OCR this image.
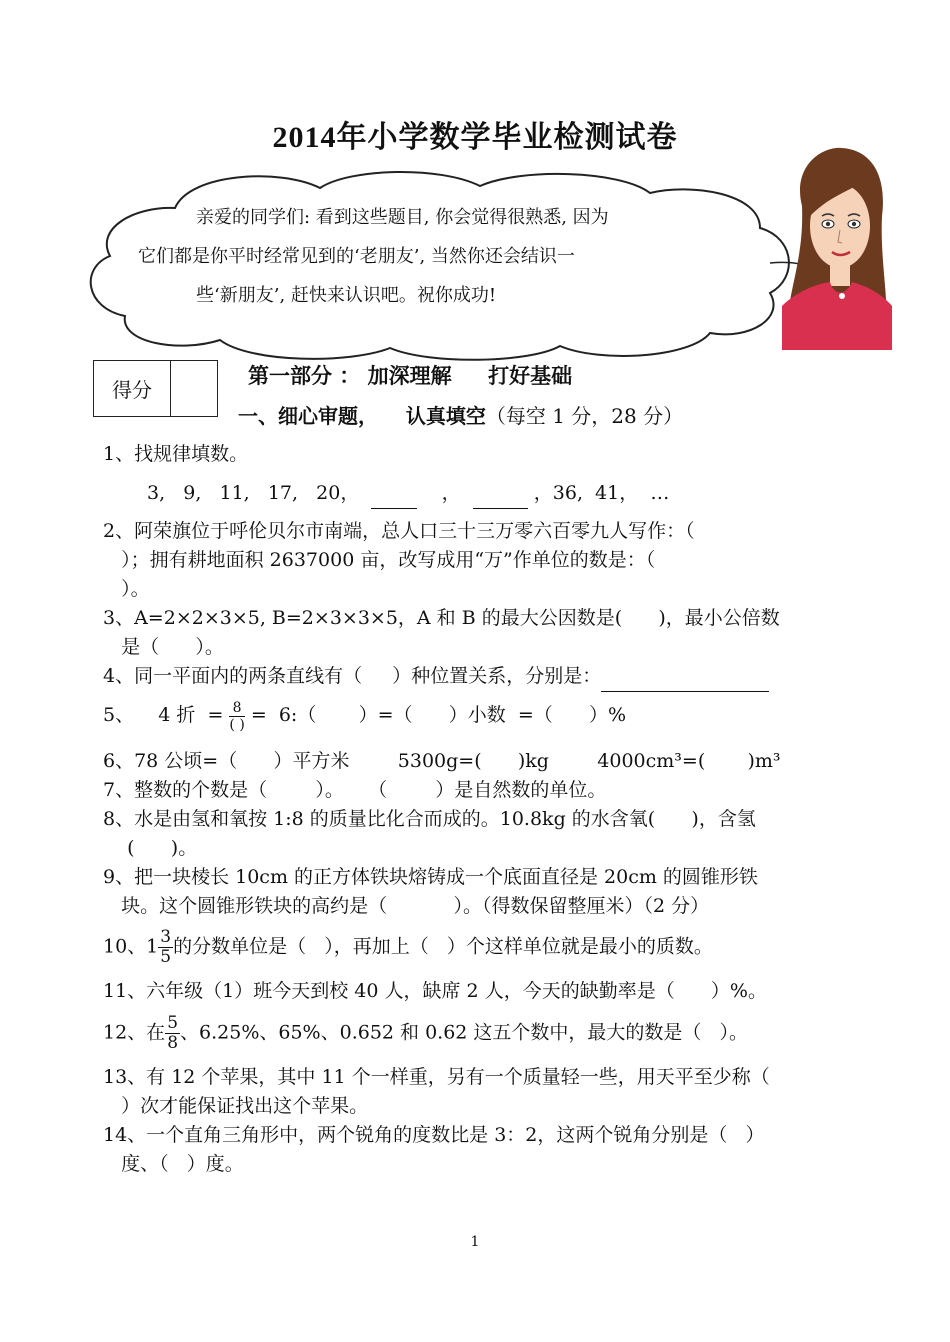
2014年小学数学毕业检测试卷
亲爱的同学们: 看到这些题目, 你会觉得很熟悉, 因为
它们都是你平时经常见到的‘老朋友’, 当然你还会结识一
些‘新朋友’, 赶快来认识吧。祝你成功!
得分
第一部分 ： 加深理解     打好基础
一、细心审题，    认真填空（每空 1 分，28 分）
1、找规律填数。
3,   9,   11,   17,   20，	，	，36,  41，  …
2、阿荣旗位于呼伦贝尔市南端，总人口三十三万零六百零九人写作：（
）；拥有耕地面积 2637000 亩，改写成用“万”作单位的数是：（
）。
3、A=2×2×3×5, B=2×3×3×5，A 和 B 的最大公因数是(      )，最小公倍数
是（      ）。
4、同一平面内的两条直线有（     ）种位置关系，分别是：
5、    4 折  = $\frac{8}{( )}$ =  6:（       ）=（      ）小数  =（      ）%
6、78 公顷=（      ）平方米        5300g=(      )kg        4000cm³=(       )m³
7、整数的个数是（        ）。    （        ）是自然数的单位。
8、水是由氢和氧按 1:8 的质量比化合而成的。10.8kg 的水含氧(      )，含氢
(      )。
9、把一块棱长 10cm 的正方体铁块熔铸成一个底面直径是 20cm 的圆锥形铁
块。这个圆锥形铁块的高约是（           ）。（得数保留整厘米）（2 分）
10、$1 \frac{3}{5}$ 的分数单位是（   ），再加上（   ）个这样单位就是最小的质数。
11、六年级（1）班今天到校 40 人，缺席 2 人，今天的缺勤率是（      ）%。
12、在 $\frac{5}{8}$ 、6.25%、65%、0.652 和 0.62 这五个数中，最大的数是（   ）。
13、有 12 个苹果，其中 11 个一样重，另有一个质量轻一些，用天平至少称（
）次才能保证找出这个苹果。
14、一个直角三角形中，两个锐角的度数比是 3：2，这两个锐角分别是（   ）
度、（   ）度。
1
